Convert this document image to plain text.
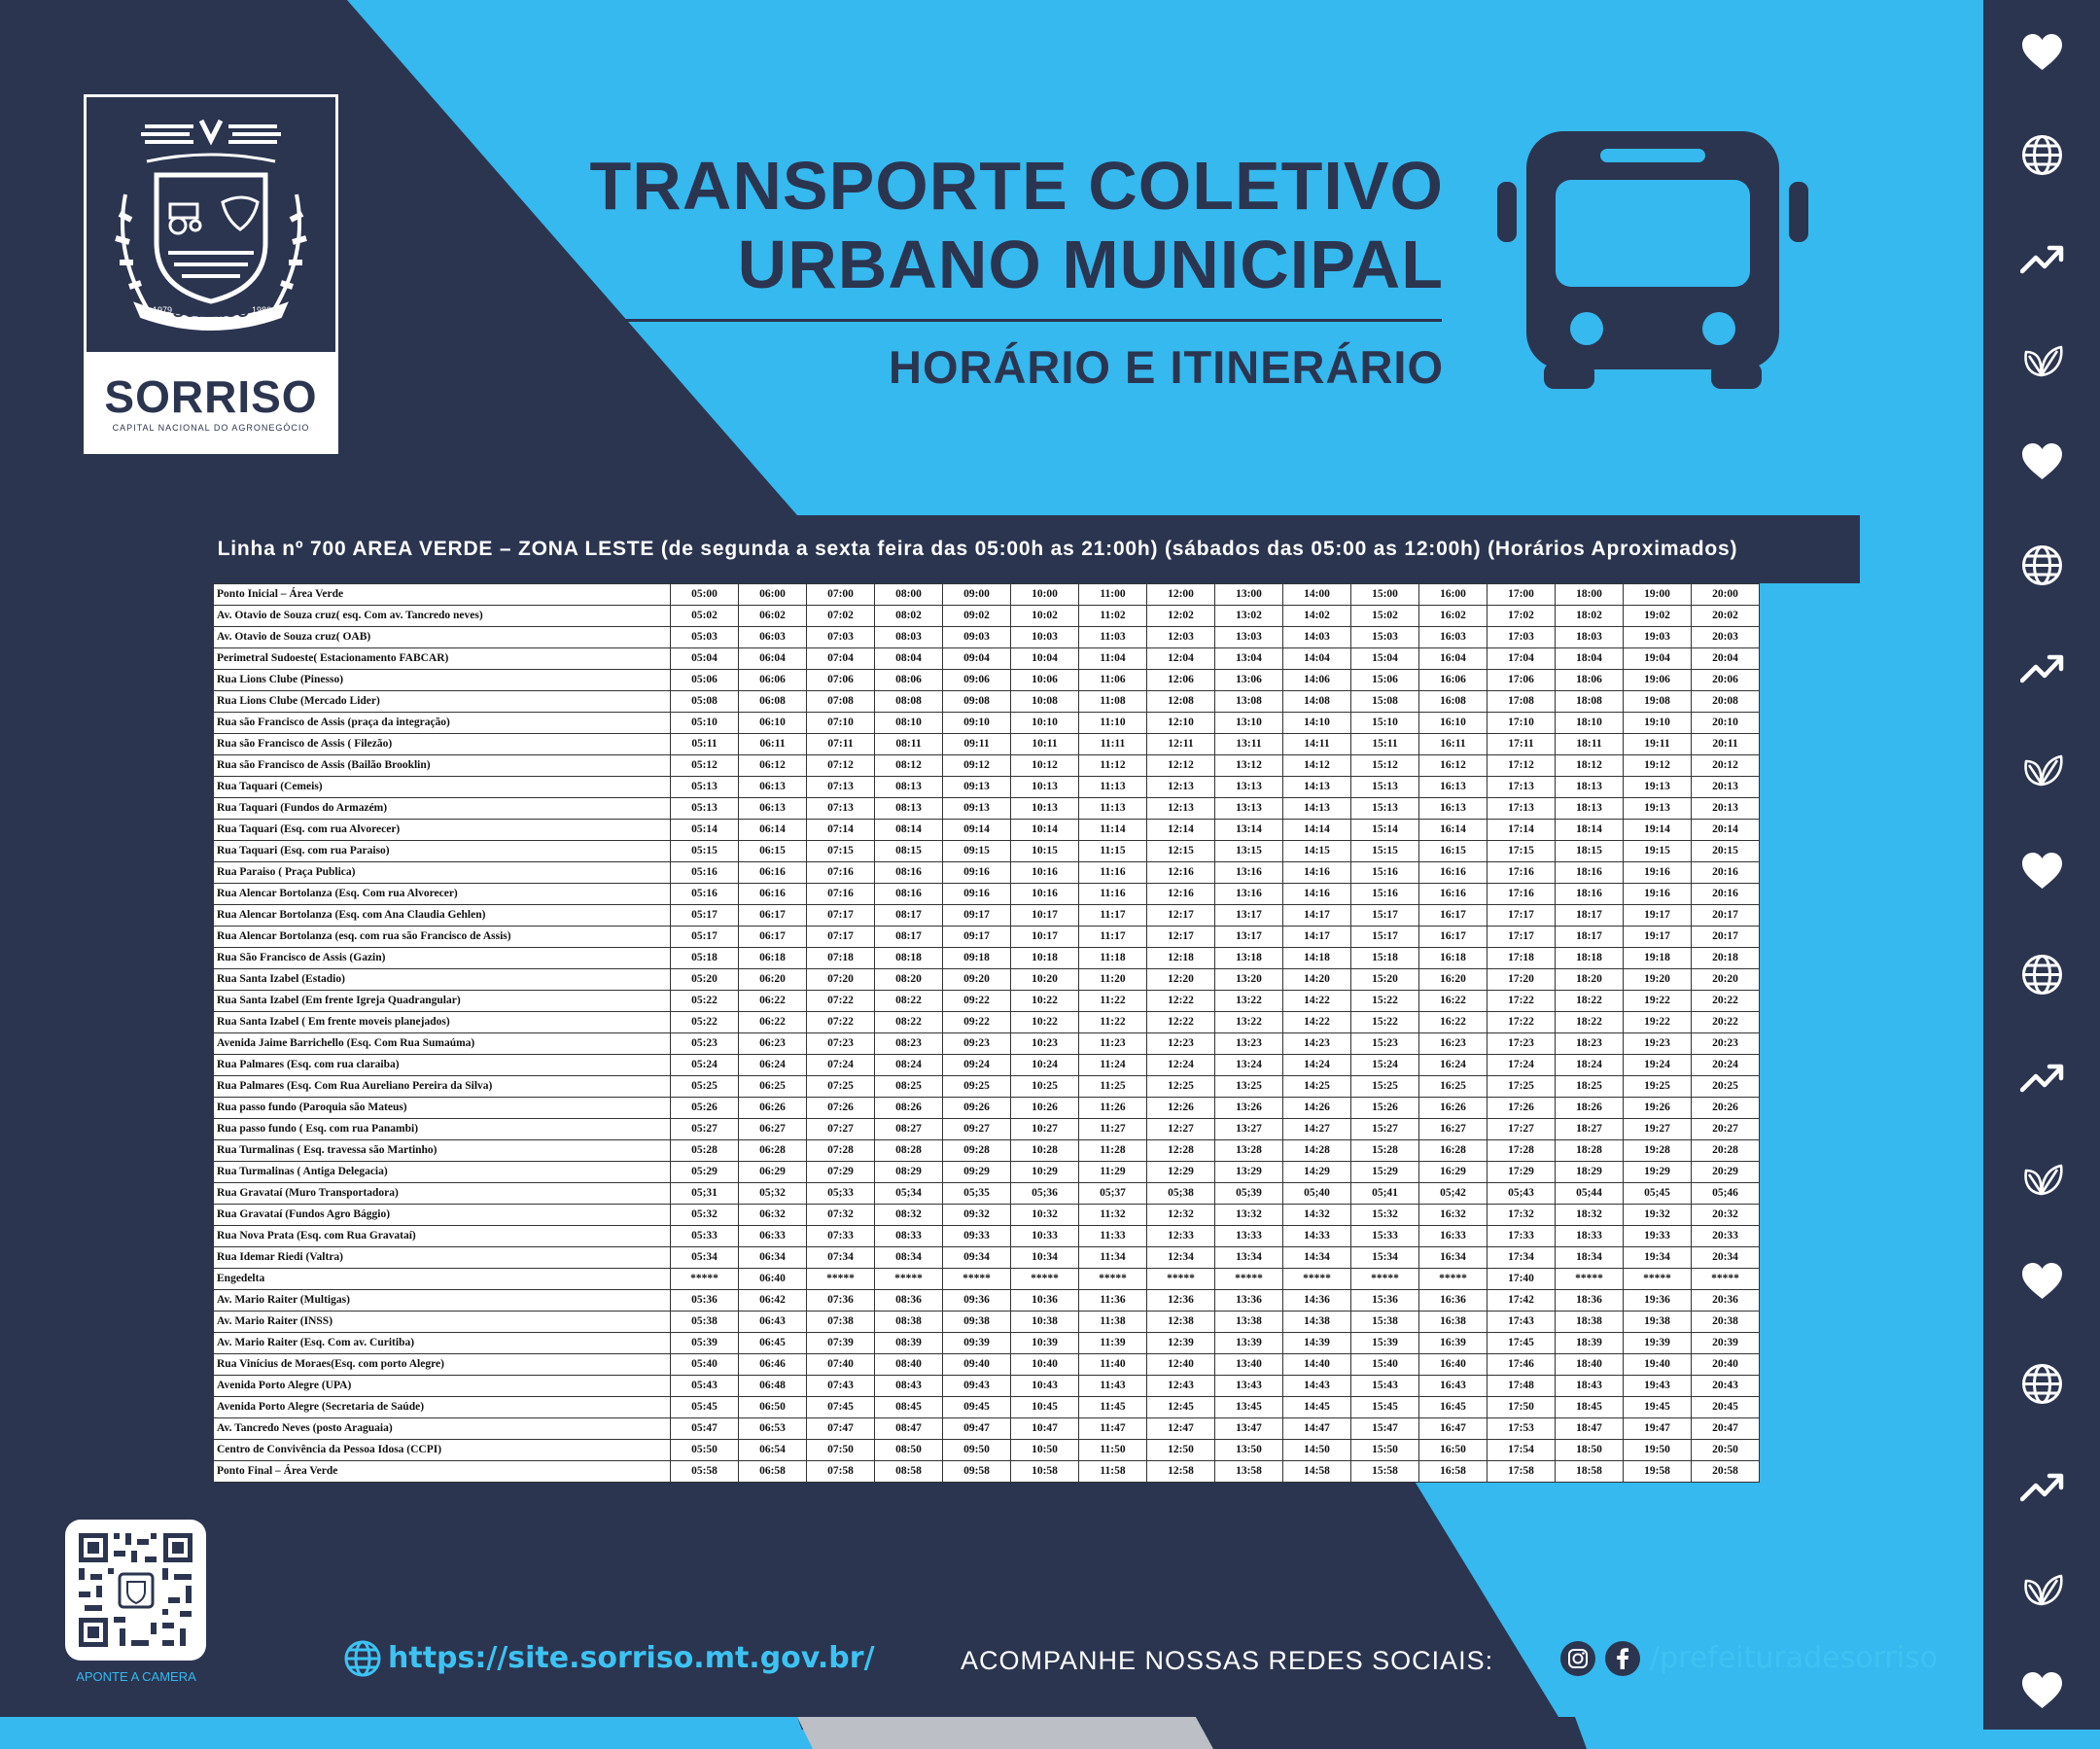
SORRISO
1979	1986
SORRISO
CAPITAL NACIONAL DO AGRONEGÓCIO
TRANSPORTE COLETIVO
URBANO MUNICIPAL
HORÁRIO E ITINERÁRIO
Linha nº 700 AREA VERDE – ZONA LESTE (de segunda a sexta feira das 05:00h as 21:00h) (sábados das 05:00 as 12:00h) (Horários Aproximados)
Ponto Inicial – Área Verde	05:00	06:00	07:00	08:00	09:00	10:00	11:00	12:00	13:00	14:00	15:00	16:00	17:00	18:00	19:00	20:00
Av. Otavio de Souza cruz( esq. Com av. Tancredo neves)	05:02	06:02	07:02	08:02	09:02	10:02	11:02	12:02	13:02	14:02	15:02	16:02	17:02	18:02	19:02	20:02
Av. Otavio de Souza cruz( OAB)	05:03	06:03	07:03	08:03	09:03	10:03	11:03	12:03	13:03	14:03	15:03	16:03	17:03	18:03	19:03	20:03
Perimetral Sudoeste( Estacionamento FABCAR)	05:04	06:04	07:04	08:04	09:04	10:04	11:04	12:04	13:04	14:04	15:04	16:04	17:04	18:04	19:04	20:04
Rua Lions Clube (Pinesso)	05:06	06:06	07:06	08:06	09:06	10:06	11:06	12:06	13:06	14:06	15:06	16:06	17:06	18:06	19:06	20:06
Rua Lions Clube (Mercado Lider)	05:08	06:08	07:08	08:08	09:08	10:08	11:08	12:08	13:08	14:08	15:08	16:08	17:08	18:08	19:08	20:08
Rua são Francisco de Assis (praça da integração)	05:10	06:10	07:10	08:10	09:10	10:10	11:10	12:10	13:10	14:10	15:10	16:10	17:10	18:10	19:10	20:10
Rua são Francisco de Assis ( Filezão)	05:11	06:11	07:11	08:11	09:11	10:11	11:11	12:11	13:11	14:11	15:11	16:11	17:11	18:11	19:11	20:11
Rua são Francisco de Assis (Bailão Brooklin)	05:12	06:12	07:12	08:12	09:12	10:12	11:12	12:12	13:12	14:12	15:12	16:12	17:12	18:12	19:12	20:12
Rua Taquari (Cemeis)	05:13	06:13	07:13	08:13	09:13	10:13	11:13	12:13	13:13	14:13	15:13	16:13	17:13	18:13	19:13	20:13
Rua Taquari (Fundos do Armazém)	05:13	06:13	07:13	08:13	09:13	10:13	11:13	12:13	13:13	14:13	15:13	16:13	17:13	18:13	19:13	20:13
Rua Taquari (Esq. com rua Alvorecer)	05:14	06:14	07:14	08:14	09:14	10:14	11:14	12:14	13:14	14:14	15:14	16:14	17:14	18:14	19:14	20:14
Rua Taquari (Esq. com rua Paraiso)	05:15	06:15	07:15	08:15	09:15	10:15	11:15	12:15	13:15	14:15	15:15	16:15	17:15	18:15	19:15	20:15
Rua Paraiso ( Praça Publica)	05:16	06:16	07:16	08:16	09:16	10:16	11:16	12:16	13:16	14:16	15:16	16:16	17:16	18:16	19:16	20:16
Rua Alencar Bortolanza (Esq. Com rua Alvorecer)	05:16	06:16	07:16	08:16	09:16	10:16	11:16	12:16	13:16	14:16	15:16	16:16	17:16	18:16	19:16	20:16
Rua Alencar Bortolanza (Esq. com Ana Claudia Gehlen)	05:17	06:17	07:17	08:17	09:17	10:17	11:17	12:17	13:17	14:17	15:17	16:17	17:17	18:17	19:17	20:17
Rua Alencar Bortolanza (esq. com rua são Francisco de Assis)	05:17	06:17	07:17	08:17	09:17	10:17	11:17	12:17	13:17	14:17	15:17	16:17	17:17	18:17	19:17	20:17
Rua São Francisco de Assis (Gazin)	05:18	06:18	07:18	08:18	09:18	10:18	11:18	12:18	13:18	14:18	15:18	16:18	17:18	18:18	19:18	20:18
Rua Santa Izabel (Estadio)	05:20	06:20	07:20	08:20	09:20	10:20	11:20	12:20	13:20	14:20	15:20	16:20	17:20	18:20	19:20	20:20
Rua Santa Izabel (Em frente Igreja Quadrangular)	05:22	06:22	07:22	08:22	09:22	10:22	11:22	12:22	13:22	14:22	15:22	16:22	17:22	18:22	19:22	20:22
Rua Santa Izabel ( Em frente moveis planejados)	05:22	06:22	07:22	08:22	09:22	10:22	11:22	12:22	13:22	14:22	15:22	16:22	17:22	18:22	19:22	20:22
Avenida Jaime Barrichello (Esq. Com Rua Sumaúma)	05:23	06:23	07:23	08:23	09:23	10:23	11:23	12:23	13:23	14:23	15:23	16:23	17:23	18:23	19:23	20:23
Rua Palmares (Esq. com rua claraiba)	05:24	06:24	07:24	08:24	09:24	10:24	11:24	12:24	13:24	14:24	15:24	16:24	17:24	18:24	19:24	20:24
Rua Palmares (Esq. Com Rua Aureliano Pereira da Silva)	05:25	06:25	07:25	08:25	09:25	10:25	11:25	12:25	13:25	14:25	15:25	16:25	17:25	18:25	19:25	20:25
Rua passo fundo (Paroquia são Mateus)	05:26	06:26	07:26	08:26	09:26	10:26	11:26	12:26	13:26	14:26	15:26	16:26	17:26	18:26	19:26	20:26
Rua passo fundo ( Esq. com rua Panambi)	05:27	06:27	07:27	08:27	09:27	10:27	11:27	12:27	13:27	14:27	15:27	16:27	17:27	18:27	19:27	20:27
Rua Turmalinas ( Esq. travessa são Martinho)	05:28	06:28	07:28	08:28	09:28	10:28	11:28	12:28	13:28	14:28	15:28	16:28	17:28	18:28	19:28	20:28
Rua Turmalinas ( Antiga Delegacia)	05:29	06:29	07:29	08:29	09:29	10:29	11:29	12:29	13:29	14:29	15:29	16:29	17:29	18:29	19:29	20:29
Rua Gravataí (Muro Transportadora)	05;31	05;32	05;33	05;34	05;35	05;36	05;37	05;38	05;39	05;40	05;41	05;42	05;43	05;44	05;45	05;46
Rua Gravataí (Fundos Agro Bággio)	05:32	06:32	07:32	08:32	09:32	10:32	11:32	12:32	13:32	14:32	15:32	16:32	17:32	18:32	19:32	20:32
Rua Nova Prata (Esq. com Rua Gravataí)	05:33	06:33	07:33	08:33	09:33	10:33	11:33	12:33	13:33	14:33	15:33	16:33	17:33	18:33	19:33	20:33
Rua Idemar Riedi (Valtra)	05:34	06:34	07:34	08:34	09:34	10:34	11:34	12:34	13:34	14:34	15:34	16:34	17:34	18:34	19:34	20:34
Engedelta	*****	06:40	*****	*****	*****	*****	*****	*****	*****	*****	*****	*****	17:40	*****	*****	*****
Av. Mario Raiter (Multigas)	05:36	06:42	07:36	08:36	09:36	10:36	11:36	12:36	13:36	14:36	15:36	16:36	17:42	18:36	19:36	20:36
Av. Mario Raiter (INSS)	05:38	06:43	07:38	08:38	09:38	10:38	11:38	12:38	13:38	14:38	15:38	16:38	17:43	18:38	19:38	20:38
Av. Mario Raiter (Esq. Com av. Curitiba)	05:39	06:45	07:39	08:39	09:39	10:39	11:39	12:39	13:39	14:39	15:39	16:39	17:45	18:39	19:39	20:39
Rua Vinícius de Moraes(Esq. com porto Alegre)	05:40	06:46	07:40	08:40	09:40	10:40	11:40	12:40	13:40	14:40	15:40	16:40	17:46	18:40	19:40	20:40
Avenida Porto Alegre (UPA)	05:43	06:48	07:43	08:43	09:43	10:43	11:43	12:43	13:43	14:43	15:43	16:43	17:48	18:43	19:43	20:43
Avenida Porto Alegre (Secretaria de Saúde)	05:45	06:50	07:45	08:45	09:45	10:45	11:45	12:45	13:45	14:45	15:45	16:45	17:50	18:45	19:45	20:45
Av. Tancredo Neves (posto Araguaia)	05:47	06:53	07:47	08:47	09:47	10:47	11:47	12:47	13:47	14:47	15:47	16:47	17:53	18:47	19:47	20:47
Centro de Convivência da Pessoa Idosa (CCPI)	05:50	06:54	07:50	08:50	09:50	10:50	11:50	12:50	13:50	14:50	15:50	16:50	17:54	18:50	19:50	20:50
Ponto Final – Área Verde	05:58	06:58	07:58	08:58	09:58	10:58	11:58	12:58	13:58	14:58	15:58	16:58	17:58	18:58	19:58	20:58
APONTE A CAMERA
https://site.sorriso.mt.gov.br/	ACOMPANHE NOSSAS REDES SOCIAIS:	/prefeituradesorriso
